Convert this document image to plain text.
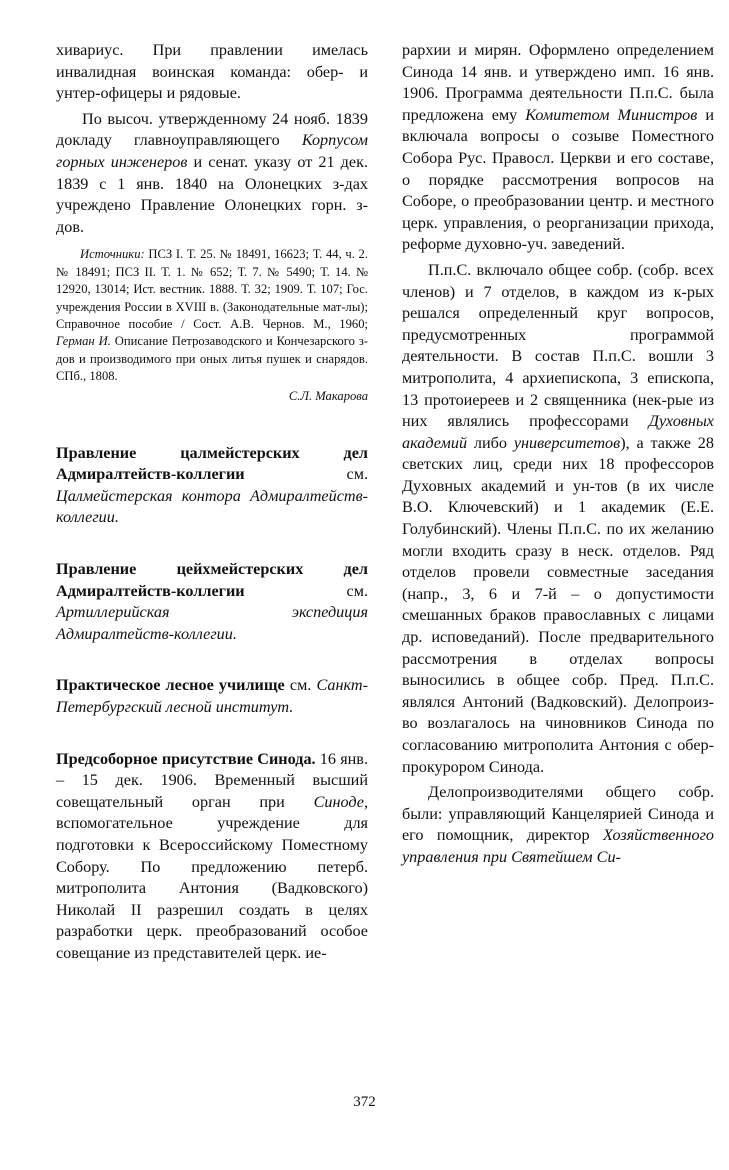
хивариус. При правлении имелась инвалидная воинская команда: обер- и унтер-офицеры и рядовые.

По высоч. утвержденному 24 нояб. 1839 докладу главноуправляющего Корпусом горных инженеров и сенат. указу от 21 дек. 1839 с 1 янв. 1840 на Олонецких з-дах учреждено Правление Олонецких горн. з-дов.

Источники: ПСЗ I. Т. 25. № 18491, 16623; Т. 44, ч. 2. № 18491; ПСЗ II. Т. 1. № 652; Т. 7. № 5490; Т. 14. № 12920, 13014; Ист. вестник. 1888. Т. 32; 1909. Т. 107; Гос. учреждения России в XVIII в. (Законодательные мат-лы); Справочное пособие / Сост. А.В. Чернов. М., 1960; Герман И. Описание Петрозаводского и Кончезарского з-дов и производимого при оных литья пушек и снарядов. СПб., 1808.

С.Л. Макарова

Правление цалмейстерских дел Адмиралтейств-коллегии см. Цалмейстерская контора Адмиралтейств-коллегии.

Правление цейхмейстерских дел Адмиралтейств-коллегии см. Артиллерийская экспедиция Адмиралтейств-коллегии.

Практическое лесное училище см. Санкт-Петербургский лесной институт.

Предсоборное присутствие Синода. 16 янв. – 15 дек. 1906. Временный высший совещательный орган при Синоде, вспомогательное учреждение для подготовки к Всероссийскому Поместному Собору. По предложению петерб. митрополита Антония (Вадковского) Николай II разрешил создать в целях разработки церк. преобразований особое совещание из представителей церк. ие-

рархии и мирян. Оформлено определением Синода 14 янв. и утверждено имп. 16 янв. 1906. Программа деятельности П.п.С. была предложена ему Комитетом Министров и включала вопросы о созыве Поместного Собора Рус. Правосл. Церкви и его составе, о порядке рассмотрения вопросов на Соборе, о преобразовании центр. и местного церк. управления, о реорганизации прихода, реформе духовно-уч. заведений.

П.п.С. включало общее собр. (собр. всех членов) и 7 отделов, в каждом из к-рых решался определенный круг вопросов, предусмотренных программой деятельности. В состав П.п.С. вошли 3 митрополита, 4 архиепископа, 3 епископа, 13 протоиереев и 2 священника (нек-рые из них являлись профессорами Духовных академий либо университетов), а также 28 светских лиц, среди них 18 профессоров Духовных академий и ун-тов (в их числе В.О. Ключевский) и 1 академик (Е.Е. Голубинский). Члены П.п.С. по их желанию могли входить сразу в неск. отделов. Ряд отделов провели совместные заседания (напр., 3, 6 и 7-й – о допустимости смешанных браков православных с лицами др. исповеданий). После предварительного рассмотрения в отделах вопросы выносились в общее собр. Пред. П.п.С. являлся Антоний (Вадковский). Делопроиз-во возлагалось на чиновников Синода по согласованию митрополита Антония с обер-прокурором Синода.

Делопроизводителями общего собр. были: управляющий Канцелярией Синода и его помощник, директор Хозяйственного управления при Святейшем Си-

372
